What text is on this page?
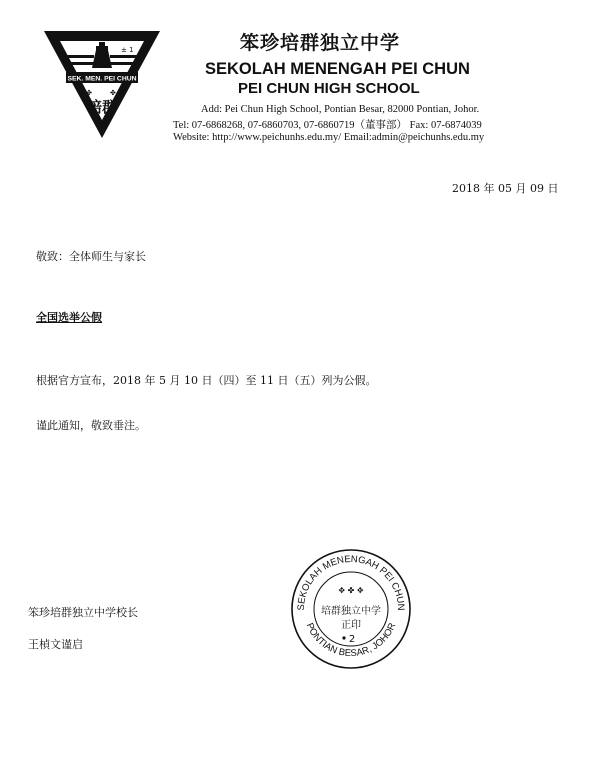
± 1
SEK. MEN. PEI CHUN
✦ ✤	✤ ✦
培群
笨珍培群独立中学
SEKOLAH MENENGAH PEI CHUN
PEI CHUN HIGH SCHOOL
Add: Pei Chun High School, Pontian Besar, 82000 Pontian, Johor.
Tel: 07-6868268, 07-6860703, 07-6860719（董事部） Fax: 07-6874039
Website: http://www.peichunhs.edu.my/ Email:admin@peichunhs.edu.my
2018 年 05 月 09 日
敬致：全体师生与家长
全国选举公假
根据官方宣布，2018 年 5 月 10 日（四）至 11 日（五）列为公假。
谨此通知，敬致垂注。
SEKOLAH MENENGAH PEI CHUN
PONTIAN BESAR, JOHOR
✥ ✤ ✥
培群独立中学
正印
2
笨珍培群独立中学校长
王楨文谨启
